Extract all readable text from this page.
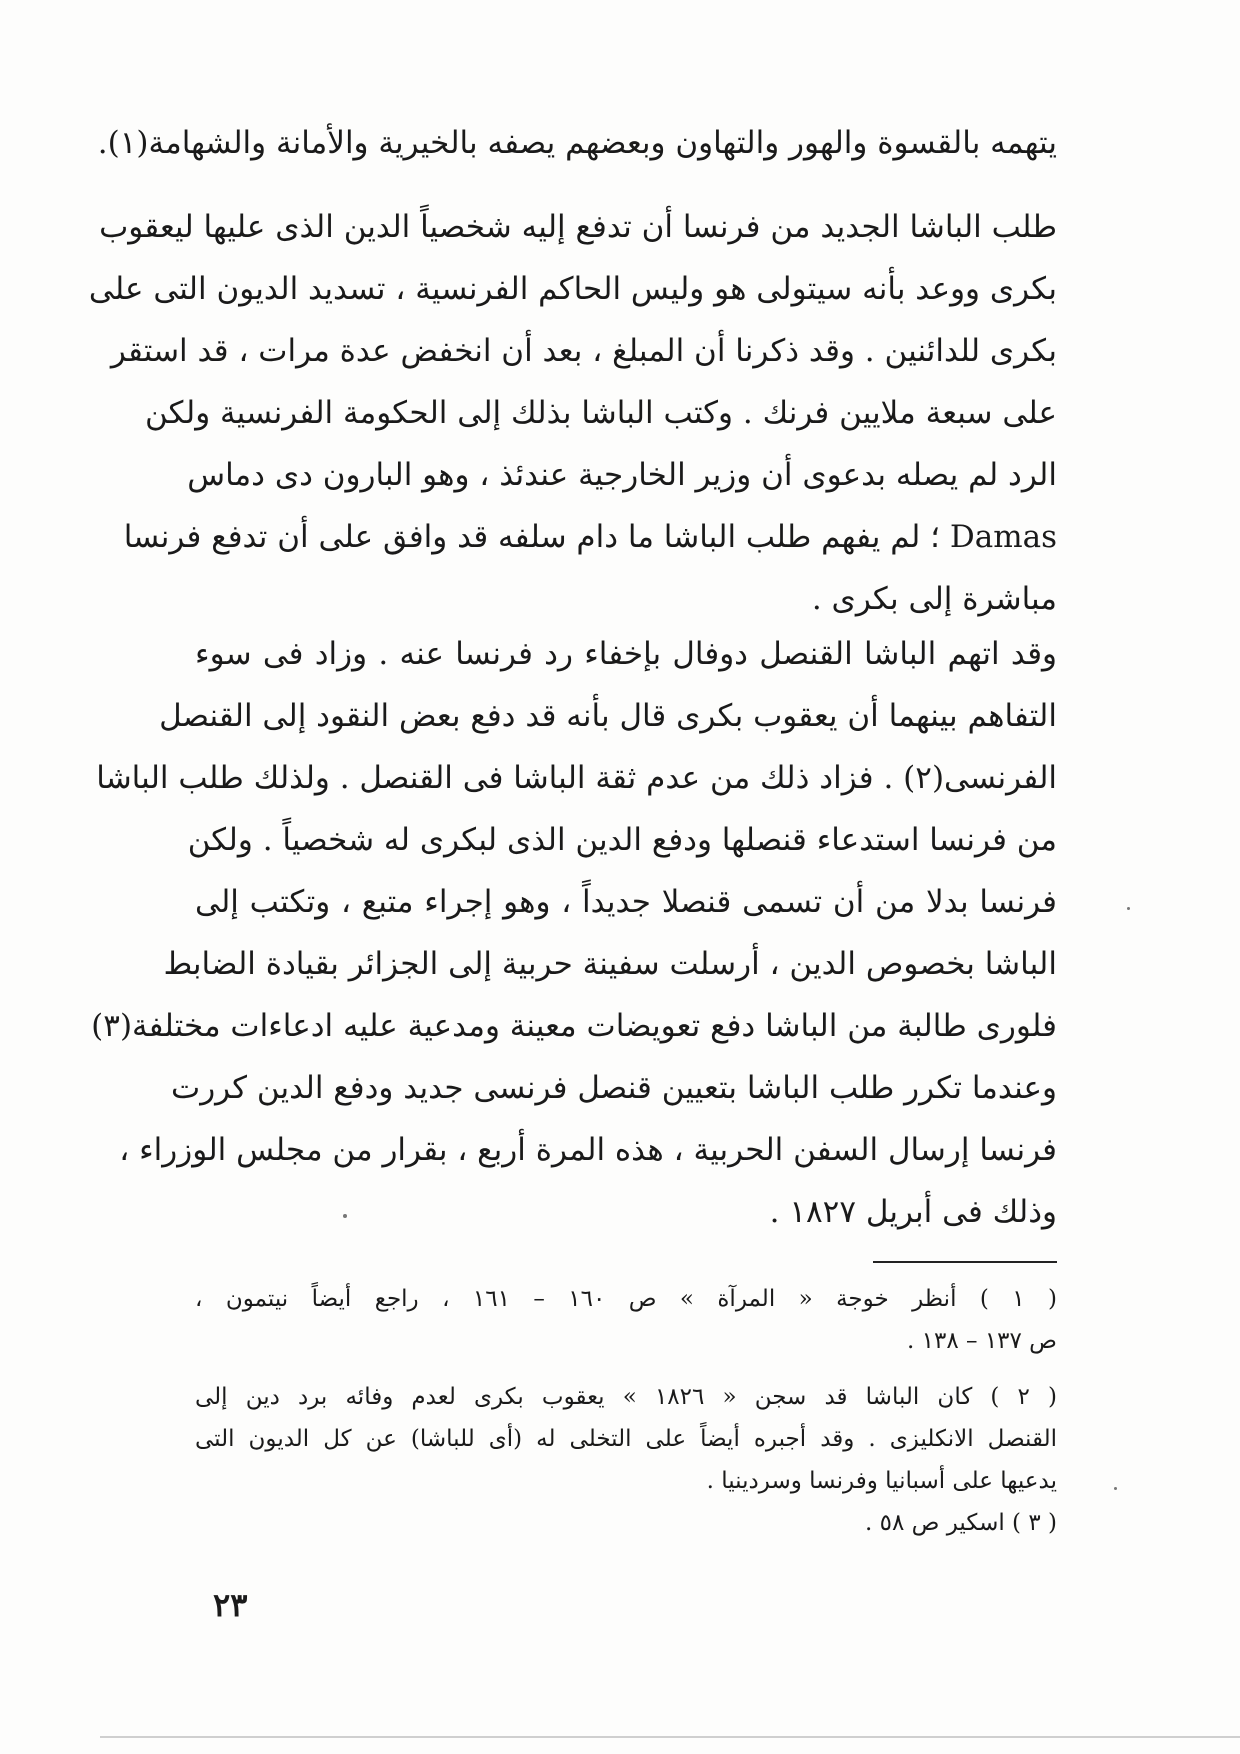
يتهمه بالقسوة والهور والتهاون وبعضهم يصفه بالخيرية والأمانة والشهامة(١).
طلب الباشا الجديد من فرنسا أن تدفع إليه شخصياً الدين الذى عليها ليعقوب
بكرى ووعد بأنه سيتولى هو وليس الحاكم الفرنسية ، تسديد الديون التى على
بكرى للدائنين . وقد ذكرنا أن المبلغ ، بعد أن انخفض عدة مرات ، قد استقر
على سبعة ملايين فرنك . وكتب الباشا بذلك إلى الحكومة الفرنسية ولكن
الرد لم يصله بدعوى أن وزير الخارجية عندئذ ، وهو البارون دى دماس
Damas ؛ لم يفهم طلب الباشا ما دام سلفه قد وافق على أن تدفع فرنسا
مباشرة إلى بكرى .
وقد اتهم الباشا القنصل دوفال بإخفاء رد فرنسا عنه . وزاد فى سوء
التفاهم بينهما أن يعقوب بكرى قال بأنه قد دفع بعض النقود إلى القنصل
الفرنسى(٢) . فزاد ذلك من عدم ثقة الباشا فى القنصل . ولذلك طلب الباشا
من فرنسا استدعاء قنصلها ودفع الدين الذى لبكرى له شخصياً . ولكن
فرنسا بدلا من أن تسمى قنصلا جديداً ، وهو إجراء متبع ، وتكتب إلى
الباشا بخصوص الدين ، أرسلت سفينة حربية إلى الجزائر بقيادة الضابط
فلورى طالبة من الباشا دفع تعويضات معينة ومدعية عليه ادعاءات مختلفة(٣)
وعندما تكرر طلب الباشا بتعيين قنصل فرنسى جديد ودفع الدين كررت
فرنسا إرسال السفن الحربية ، هذه المرة أربع ، بقرار من مجلس الوزراء ،
وذلك فى أبريل ١٨٢٧ .
( ١ ) أنظر خوجة « المرآة » ص ١٦٠ – ١٦١ ، راجع أيضاً نيتمون ،
ص ١٣٧ – ١٣٨ .
( ٢ ) كان الباشا قد سجن « ١٨٢٦ » يعقوب بكرى لعدم وفائه برد دين إلى
القنصل الانكليزى . وقد أجبره أيضاً على التخلى له (أى للباشا) عن كل الديون التى
يدعيها على أسبانيا وفرنسا وسردينيا .
( ٣ ) اسكير ص ٥٨ .
٢٣
